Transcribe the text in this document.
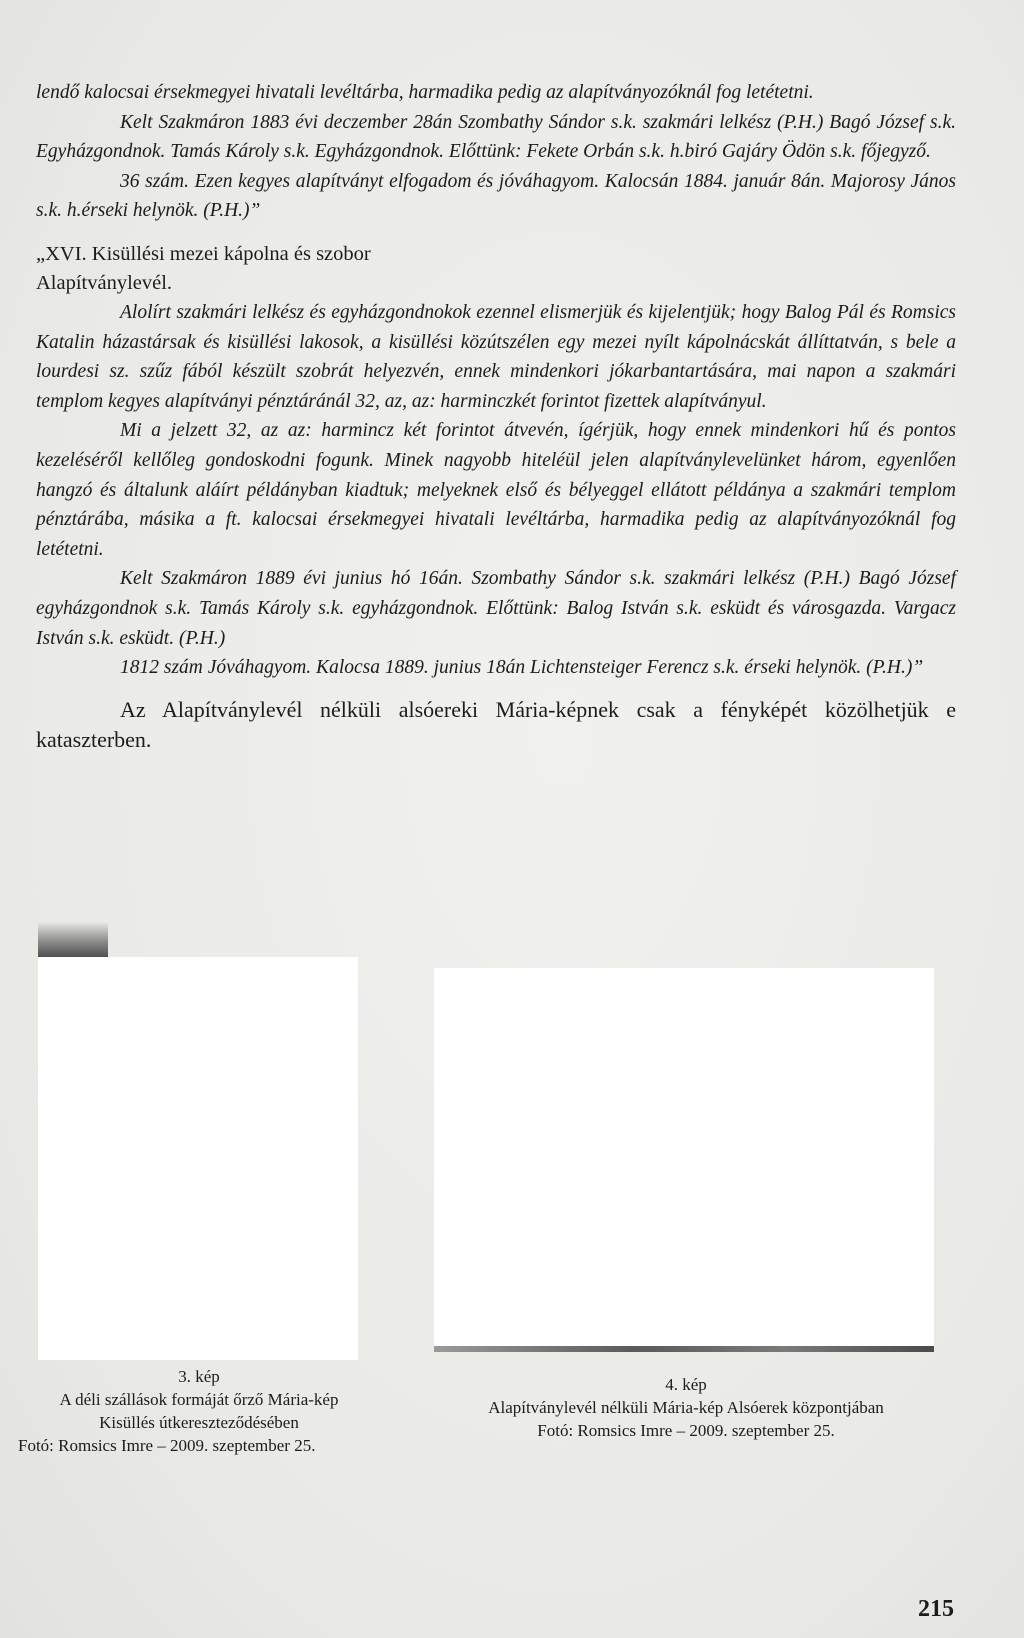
lendő kalocsai érsekmegyei hivatali levéltárba, harmadika pedig az alapítványozóknál fog letétetni.

Kelt Szakmáron 1883 évi deczember 28án Szombathy Sándor s.k. szakmári lelkész (P.H.) Bagó József s.k. Egyházgondnok. Tamás Károly s.k. Egyházgondnok. Előttünk: Fekete Orbán s.k. h.biró Gajáry Ödön s.k. főjegyző.

36 szám. Ezen kegyes alapítványt elfogadom és jóváhagyom. Kalocsán 1884. január 8án. Majorosy János s.k. h.érseki helynök. (P.H.)”

„XVI. Kisüllési mezei kápolna és szobor

Alapítványlevél.

Alolírt szakmári lelkész és egyházgondnokok ezennel elismerjük és kijelentjük; hogy Balog Pál és Romsics Katalin házastársak és kisüllési lakosok, a kisüllési közútszélen egy mezei nyílt kápolnácskát állíttatván, s bele a lourdesi sz. szűz fából készült szobrát helyezvén, ennek mindenkori jókarbantartására, mai napon a szakmári templom kegyes alapítványi pénztáránál 32, az, az: harminczkét forintot fizettek alapítványul.

Mi a jelzett 32, az az: harmincz két forintot átvevén, ígérjük, hogy ennek mindenkori hű és pontos kezeléséről kellőleg gondoskodni fogunk. Minek nagyobb hiteléül jelen alapítványlevelünket három, egyenlően hangzó és általunk aláírt példányban kiadtuk; melyeknek első és bélyeggel ellátott példánya a szakmári templom pénztárába, másika a ft. kalocsai érsekmegyei hivatali levéltárba, harmadika pedig az alapítványozóknál fog letétetni.

Kelt Szakmáron 1889 évi junius hó 16án. Szombathy Sándor s.k. szakmári lelkész (P.H.) Bagó József egyházgondnok s.k. Tamás Károly s.k. egyházgondnok. Előttünk: Balog István s.k. esküdt és városgazda. Vargacz István s.k. esküdt. (P.H.)

1812 szám Jóváhagyom. Kalocsa 1889. junius 18án Lichtensteiger Ferencz s.k. érseki helynök. (P.H.)”

Az Alapítványlevél nélküli alsóereki Mária-képnek csak a fényképét közölhetjük e kataszterben.

3. kép
A déli szállások formáját őrző Mária-kép
Kisüllés útkereszteződésében
Fotó: Romsics Imre – 2009. szeptember 25.
4. kép
Alapítványlevél nélküli Mária-kép Alsóerek központjában
Fotó: Romsics Imre – 2009. szeptember 25.
215
